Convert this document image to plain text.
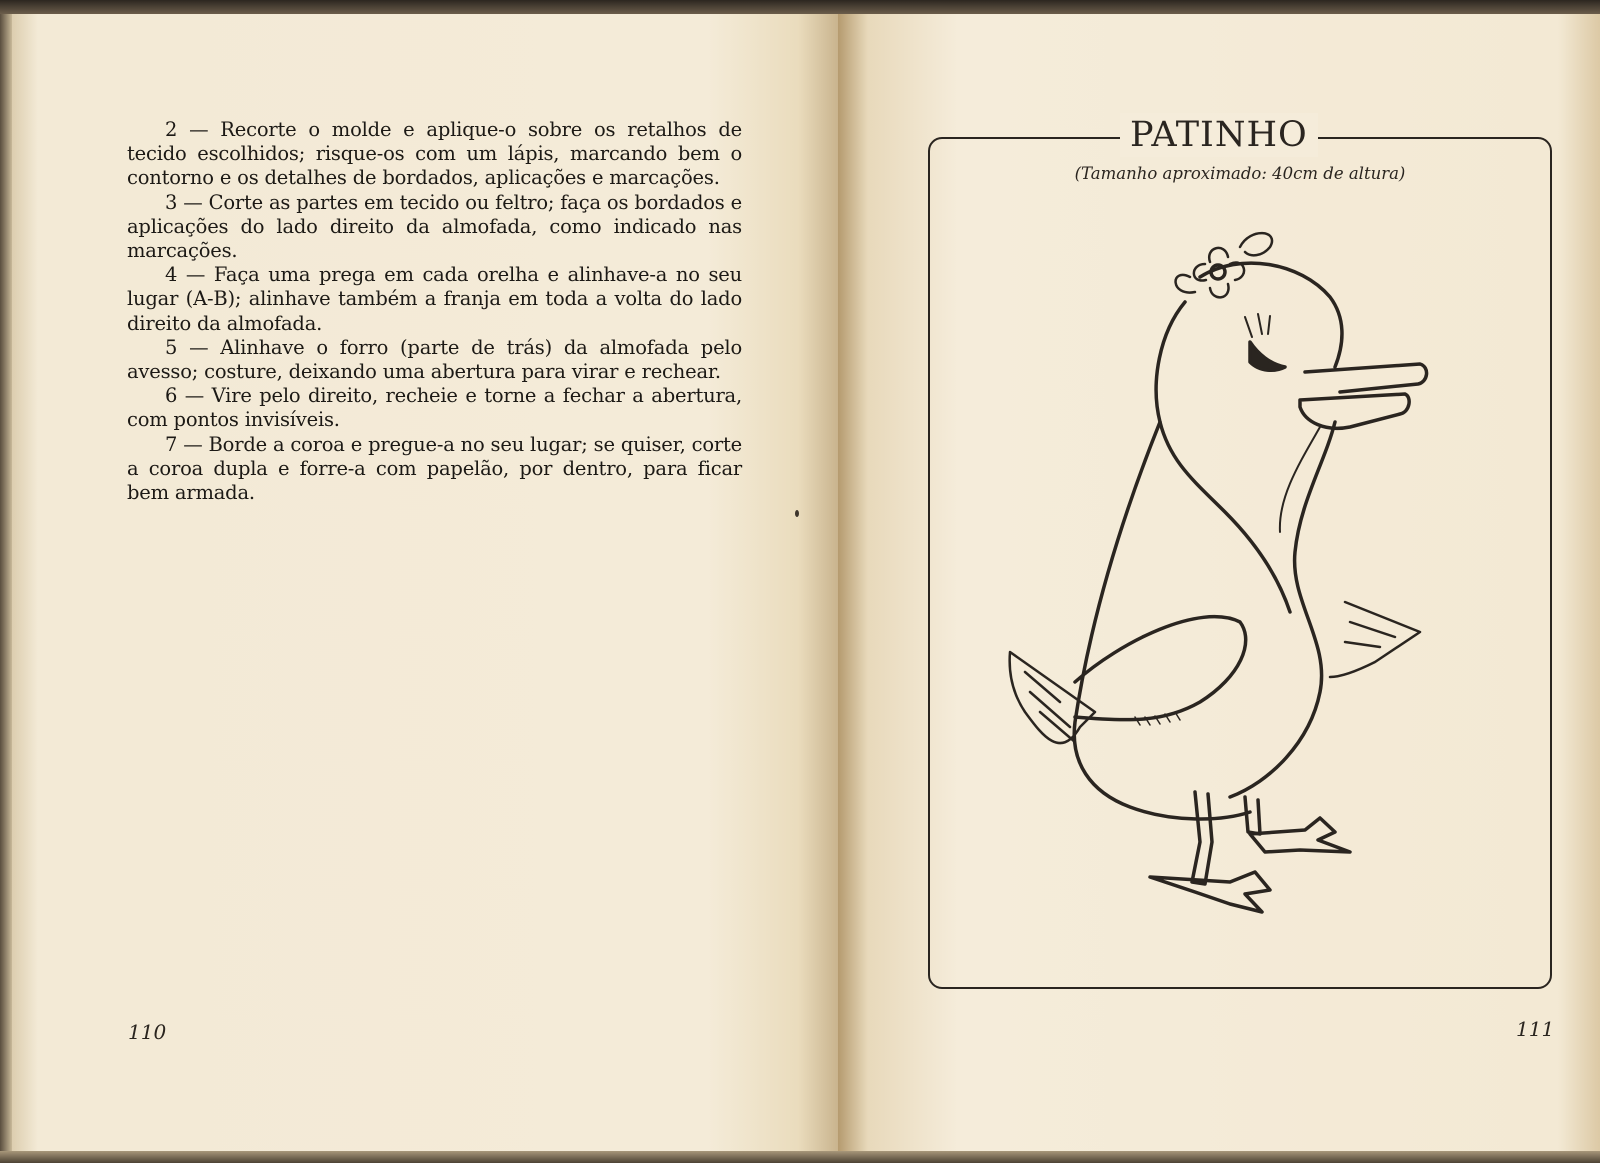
2 — Recorte o molde e aplique-o sobre os retalhos de tecido escolhidos; risque-os com um lápis, marcando bem o contorno e os detalhes de bordados, aplicações e marcações.

3 — Corte as partes em tecido ou feltro; faça os bordados e aplicações do lado direito da almofada, como indicado nas marcações.

4 — Faça uma prega em cada orelha e alinhave-a no seu lugar (A-B); alinhave também a franja em toda a volta do lado direito da almofada.

5 — Alinhave o forro (parte de trás) da almofada pelo avesso; costure, deixando uma abertura para virar e rechear.

6 — Vire pelo direito, recheie e torne a fechar a abertura, com pontos invisíveis.

7 — Borde a coroa e pregue-a no seu lugar; se quiser, corte a coroa dupla e forre-a com papelão, por dentro, para ficar bem armada.

110
PATINHO
(Tamanho aproximado: 40cm de altura)
111
